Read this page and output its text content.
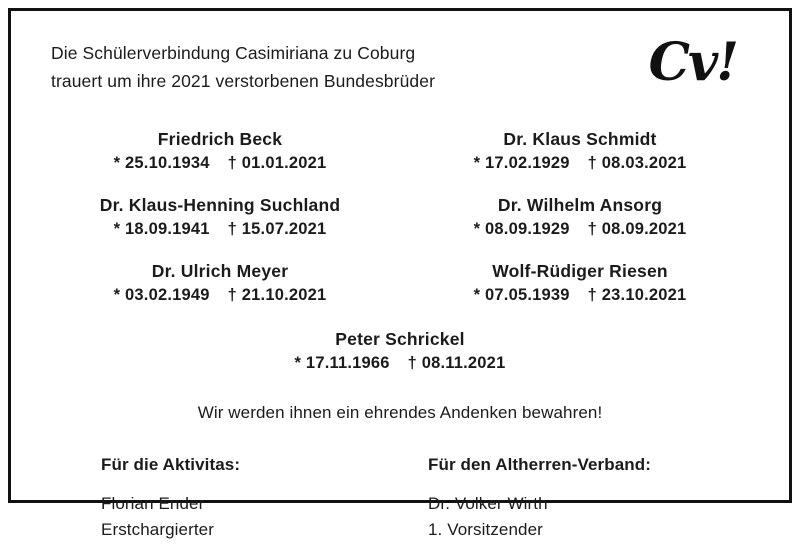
Die Schülerverbindung Casimiriana zu Coburg
trauert um ihre 2021 verstorbenen Bundesbrüder	Cv!
Friedrich Beck
* 25.10.1934 † 01.01.2021
Dr. Klaus Schmidt
* 17.02.1929 † 08.03.2021
Dr. Klaus-Henning Suchland
* 18.09.1941 † 15.07.2021
Dr. Wilhelm Ansorg
* 08.09.1929 † 08.09.2021
Dr. Ulrich Meyer
* 03.02.1949 † 21.10.2021
Wolf-Rüdiger Riesen
* 07.05.1939 † 23.10.2021
Peter Schrickel
* 17.11.1966 † 08.11.2021
Wir werden ihnen ein ehrendes Andenken bewahren!
Für die Aktivitas:
Florian Ender
Erstchargierter
Für den Altherren-Verband:
Dr. Volker Wirth
1. Vorsitzender
